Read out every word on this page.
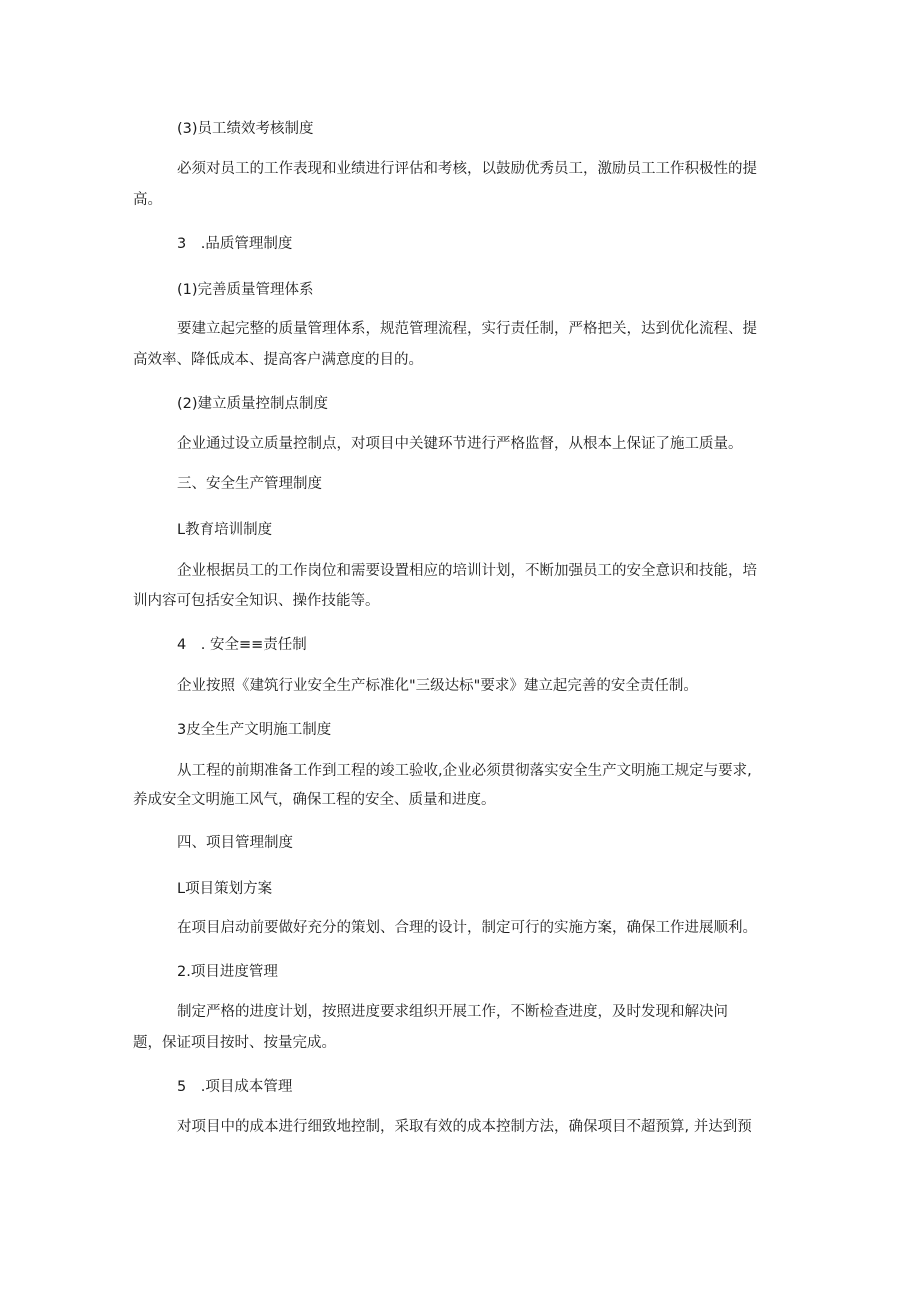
(3)员工绩效考核制度
必须对员工的工作表现和业绩进行评估和考核，以鼓励优秀员工，激励员工工作积极性的提
高。
3　.品质管理制度
(1)完善质量管理体系
要建立起完整的质量管理体系，规范管理流程，实行责任制，严格把关，达到优化流程、提
高效率、降低成本、提高客户满意度的目的。
(2)建立质量控制点制度
企业通过设立质量控制点，对项目中关键环节进行严格监督，从根本上保证了施工质量。
三、安全生产管理制度
L教育培训制度
企业根据员工的工作岗位和需要设置相应的培训计划，不断加强员工的安全意识和技能，培
训内容可包括安全知识、操作技能等。
4　. 安全≡≡责任制
企业按照《建筑行业安全生产标准化"三级达标"要求》建立起完善的安全责任制。
3皮全生产文明施工制度
从工程的前期准备工作到工程的竣工验收,企业必须贯彻落实安全生产文明施工规定与要求,
养成安全文明施工风气，确保工程的安全、质量和进度。
四、项目管理制度
L项目策划方案
在项目启动前要做好充分的策划、合理的设计，制定可行的实施方案，确保工作进展顺利。
2.项目进度管理
制定严格的进度计划，按照进度要求组织开展工作，不断检查进度，及时发现和解决问
题，保证项目按时、按量完成。
5　.项目成本管理
对项目中的成本进行细致地控制，采取有效的成本控制方法，确保项目不超预算, 并达到预
